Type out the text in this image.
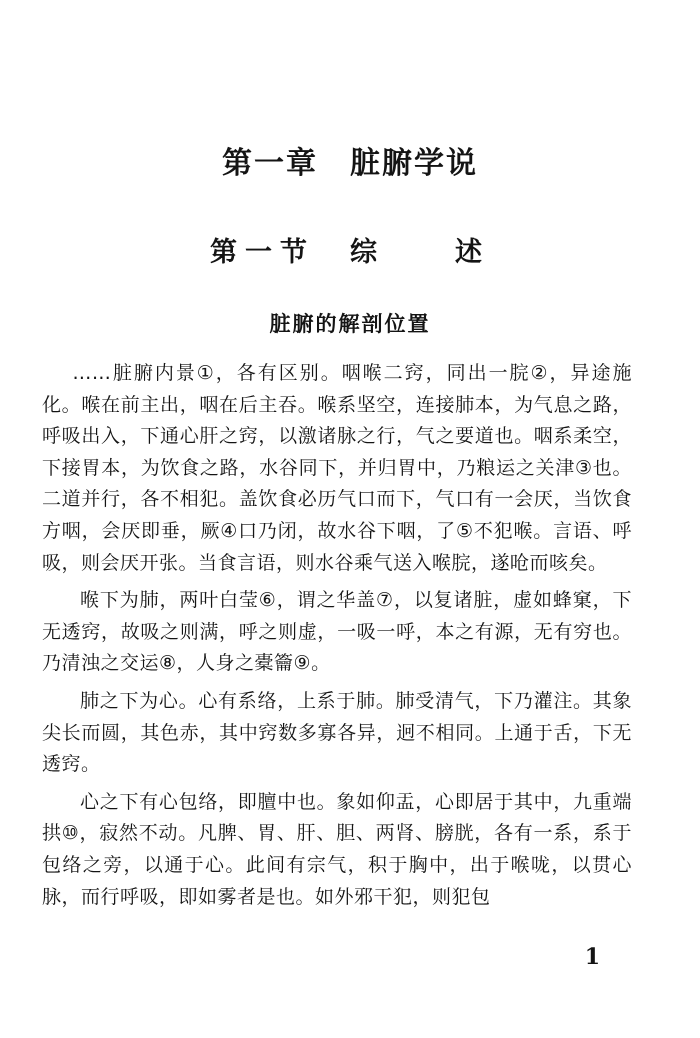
第一章　脏腑学说
第一节　综　　述
脏腑的解剖位置

……脏腑内景①，各有区别。咽喉二窍，同出一脘②，异途施化。喉在前主出，咽在后主吞。喉系坚空，连接肺本，为气息之路，呼吸出入，下通心肝之窍，以激诸脉之行，气之要道也。咽系柔空，下接胃本，为饮食之路，水谷同下，并归胃中，乃粮运之关津③也。二道并行，各不相犯。盖饮食必历气口而下，气口有一会厌，当饮食方咽，会厌即垂，厥④口乃闭，故水谷下咽，了⑤不犯喉。言语、呼吸，则会厌开张。当食言语，则水谷乘气送入喉脘，遂呛而咳矣。

喉下为肺，两叶白莹⑥，谓之华盖⑦，以复诸脏，虚如蜂窠，下无透窍，故吸之则满，呼之则虚，一吸一呼，本之有源，无有穷也。乃清浊之交运⑧，人身之橐籥⑨。

肺之下为心。心有系络，上系于肺。肺受清气，下乃灌注。其象尖长而圆，其色赤，其中窍数多寡各异，迥不相同。上通于舌，下无透窍。

心之下有心包络，即膻中也。象如仰盂，心即居于其中，九重端拱⑩，寂然不动。凡脾、胃、肝、胆、两肾、膀胱，各有一系，系于包络之旁，以通于心。此间有宗气，积于胸中，出于喉咙，以贯心脉，而行呼吸，即如雾者是也。如外邪干犯，则犯包

1
